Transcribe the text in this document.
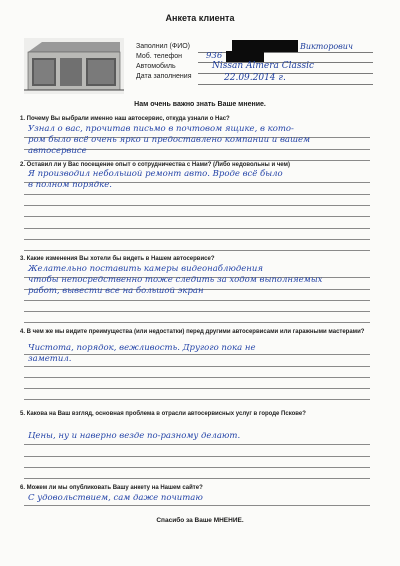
Анкета клиента
Заполнил (ФИО)	Викторович
Моб. телефон	936
Автомобиль	Nissan Almera Classic
Дата заполнения	22.09.2014 г.
Нам очень важно знать Ваше мнение.
1. Почему Вы выбрали именно наш автосервис, откуда узнали о Нас?
Узнал о вас, прочитав письмо в почтовом ящике, в кото-
ром было всё очень ярко и предоставлено компании и вашем
автосервисе
2. Оставил ли у Вас посещение опыт о сотрудничества с Нами? (Либо недовольны и чем)
Я производил небольшой ремонт авто. Вроде всё было
в полном порядке.
3. Какие изменения Вы хотели бы видеть в Нашем автосервисе?
Желательно поставить камеры видеонаблюдения
чтобы непосредственно тоже следить за ходом выполняемых
работ, вывести все на большой экран
4. В чем же мы видите преимущества (или недостатки) перед другими автосервисами или гаражными мастерами?
Чистота, порядок, вежливость. Другого пока не
заметил.
5. Какова на Ваш взгляд, основная проблема в отрасли автосервисных услуг в городе Пскове?
Цены, ну и наверно везде по-разному делают.
6. Можем ли мы опубликовать Вашу анкету на Нашем сайте?
С удовольствием, сам даже почитаю
Спасибо за Ваше МНЕНИЕ.
